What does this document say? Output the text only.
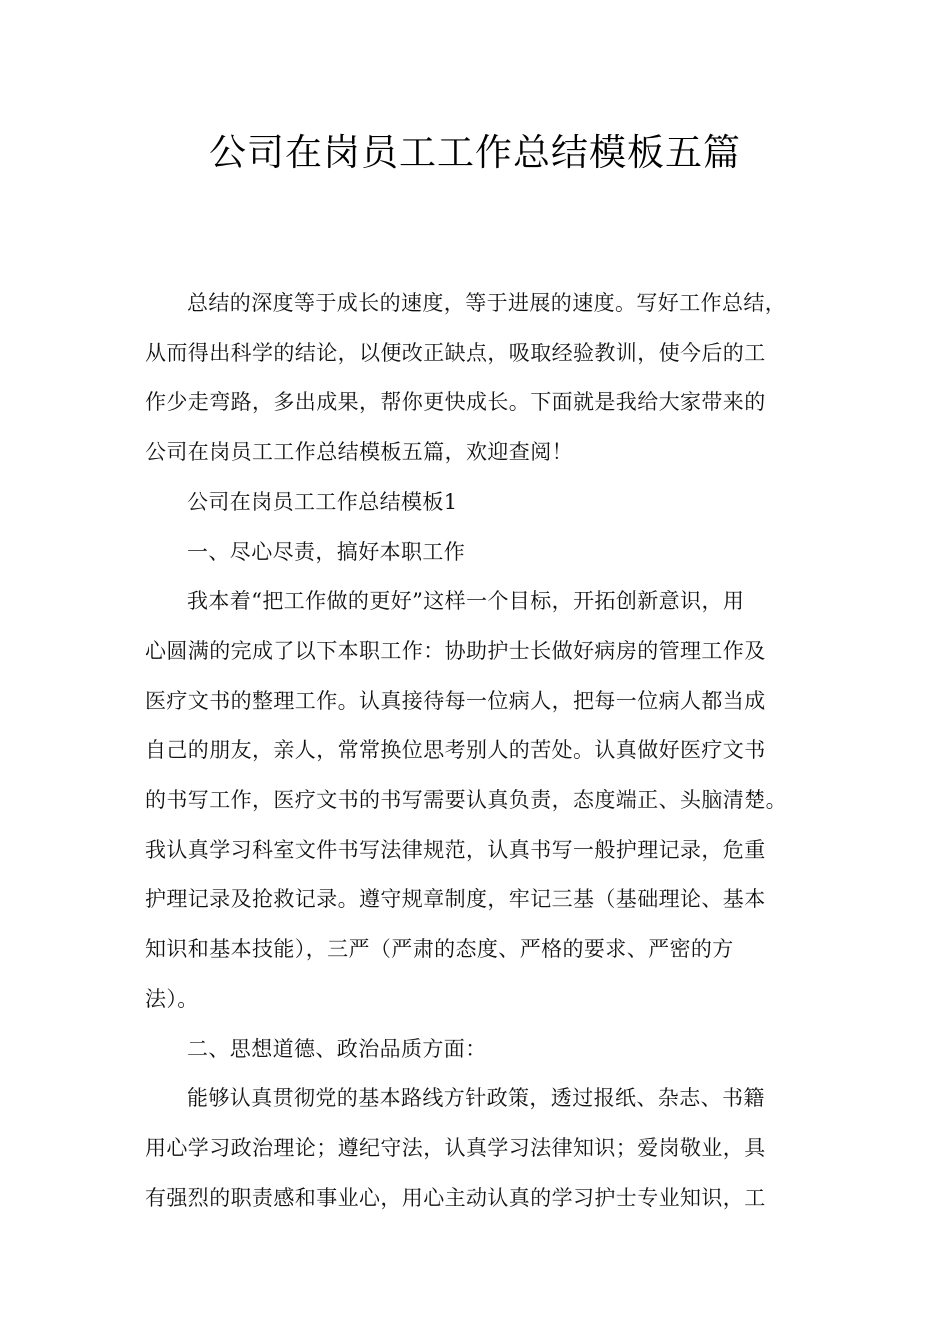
公司在岗员工工作总结模板五篇

总结的深度等于成长的速度，等于进展的速度。写好工作总结，
从而得出科学的结论，以便改正缺点，吸取经验教训，使今后的工
作少走弯路，多出成果，帮你更快成长。下面就是我给大家带来的
公司在岗员工工作总结模板五篇，欢迎查阅！

公司在岗员工工作总结模板1

一、尽心尽责，搞好本职工作

我本着“把工作做的更好”这样一个目标，开拓创新意识，用
心圆满的完成了以下本职工作：协助护士长做好病房的管理工作及
医疗文书的整理工作。认真接待每一位病人，把每一位病人都当成
自己的朋友，亲人，常常换位思考别人的苦处。认真做好医疗文书
的书写工作，医疗文书的书写需要认真负责，态度端正、头脑清楚。
我认真学习科室文件书写法律规范，认真书写一般护理记录，危重
护理记录及抢救记录。遵守规章制度，牢记三基（基础理论、基本
知识和基本技能），三严（严肃的态度、严格的要求、严密的方
法）。

二、思想道德、政治品质方面：

能够认真贯彻党的基本路线方针政策，透过报纸、杂志、书籍
用心学习政治理论；遵纪守法，认真学习法律知识；爱岗敬业，具
有强烈的职责感和事业心，用心主动认真的学习护士专业知识，工
